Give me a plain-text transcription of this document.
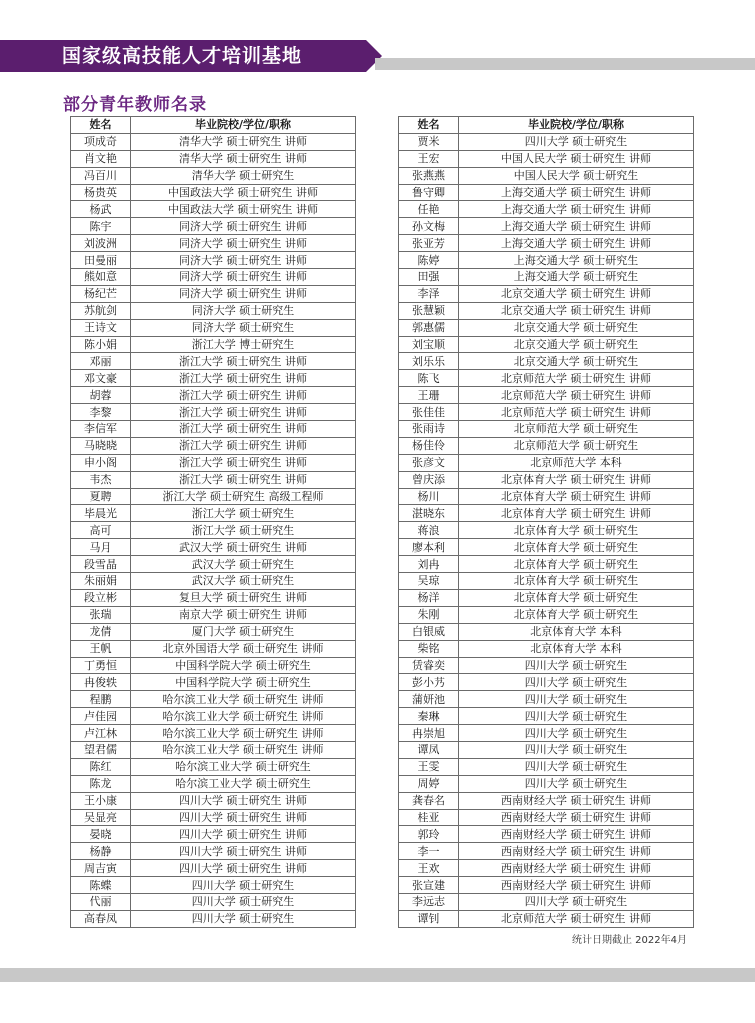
国家级高技能人才培训基地
部分青年教师名录
姓名	毕业院校/学位/职称
项成奇	清华大学 硕士研究生 讲师
肖文艳	清华大学 硕士研究生 讲师
冯百川	清华大学 硕士研究生
杨贵英	中国政法大学 硕士研究生 讲师
杨武	中国政法大学 硕士研究生 讲师
陈宇	同济大学 硕士研究生 讲师
刘波洲	同济大学 硕士研究生 讲师
田曼丽	同济大学 硕士研究生 讲师
熊如意	同济大学 硕士研究生 讲师
杨纪芒	同济大学 硕士研究生 讲师
苏航剑	同济大学 硕士研究生
王诗文	同济大学 硕士研究生
陈小娟	浙江大学 博士研究生
邓丽	浙江大学 硕士研究生 讲师
邓文豪	浙江大学 硕士研究生 讲师
胡蓉	浙江大学 硕士研究生 讲师
李黎	浙江大学 硕士研究生 讲师
李信军	浙江大学 硕士研究生 讲师
马晓晓	浙江大学 硕士研究生 讲师
申小阁	浙江大学 硕士研究生 讲师
韦杰	浙江大学 硕士研究生 讲师
夏聘	浙江大学 硕士研究生 高级工程师
毕晨光	浙江大学 硕士研究生
高可	浙江大学 硕士研究生
马月	武汉大学 硕士研究生 讲师
段雪晶	武汉大学 硕士研究生
朱丽娟	武汉大学 硕士研究生
段立彬	复旦大学 硕士研究生 讲师
张瑞	南京大学 硕士研究生 讲师
龙倩	厦门大学 硕士研究生
王帆	北京外国语大学 硕士研究生 讲师
丁勇恒	中国科学院大学 硕士研究生
冉俊轶	中国科学院大学 硕士研究生
程鹏	哈尔滨工业大学 硕士研究生 讲师
卢佳园	哈尔滨工业大学 硕士研究生 讲师
卢江林	哈尔滨工业大学 硕士研究生 讲师
望君儒	哈尔滨工业大学 硕士研究生 讲师
陈红	哈尔滨工业大学 硕士研究生
陈龙	哈尔滨工业大学 硕士研究生
王小康	四川大学 硕士研究生 讲师
吴显亮	四川大学 硕士研究生 讲师
晏晓	四川大学 硕士研究生 讲师
杨静	四川大学 硕士研究生 讲师
周吉寅	四川大学 硕士研究生 讲师
陈蝶	四川大学 硕士研究生
代丽	四川大学 硕士研究生
高春凤	四川大学 硕士研究生
姓名	毕业院校/学位/职称
贾米	四川大学 硕士研究生
王宏	中国人民大学 硕士研究生 讲师
张燕燕	中国人民大学 硕士研究生
鲁守卿	上海交通大学 硕士研究生 讲师
任艳	上海交通大学 硕士研究生 讲师
孙文梅	上海交通大学 硕士研究生 讲师
张亚芳	上海交通大学 硕士研究生 讲师
陈婷	上海交通大学 硕士研究生
田强	上海交通大学 硕士研究生
李泽	北京交通大学 硕士研究生 讲师
张慧颖	北京交通大学 硕士研究生 讲师
郭惠儒	北京交通大学 硕士研究生
刘宝顺	北京交通大学 硕士研究生
刘乐乐	北京交通大学 硕士研究生
陈飞	北京师范大学 硕士研究生 讲师
王珊	北京师范大学 硕士研究生 讲师
张佳佳	北京师范大学 硕士研究生 讲师
张雨诗	北京师范大学 硕士研究生
杨佳伶	北京师范大学 硕士研究生
张彦文	北京师范大学 本科
曾庆添	北京体育大学 硕士研究生 讲师
杨川	北京体育大学 硕士研究生 讲师
湛晓东	北京体育大学 硕士研究生 讲师
蒋浪	北京体育大学 硕士研究生
廖本利	北京体育大学 硕士研究生
刘冉	北京体育大学 硕士研究生
吴琼	北京体育大学 硕士研究生
杨洋	北京体育大学 硕士研究生
朱刚	北京体育大学 硕士研究生
白银威	北京体育大学 本科
柴铭	北京体育大学 本科
赁睿奕	四川大学 硕士研究生
彭小艿	四川大学 硕士研究生
蒲妍池	四川大学 硕士研究生
秦琳	四川大学 硕士研究生
冉崇旭	四川大学 硕士研究生
谭凤	四川大学 硕士研究生
王雯	四川大学 硕士研究生
周婷	四川大学 硕士研究生
龚春名	西南财经大学 硕士研究生 讲师
桂亚	西南财经大学 硕士研究生 讲师
郭玲	西南财经大学 硕士研究生 讲师
李一	西南财经大学 硕士研究生 讲师
王欢	西南财经大学 硕士研究生 讲师
张宣建	西南财经大学 硕士研究生 讲师
李远志	四川大学 硕士研究生
谭钊	北京师范大学 硕士研究生 讲师
统计日期截止 2022年4月
